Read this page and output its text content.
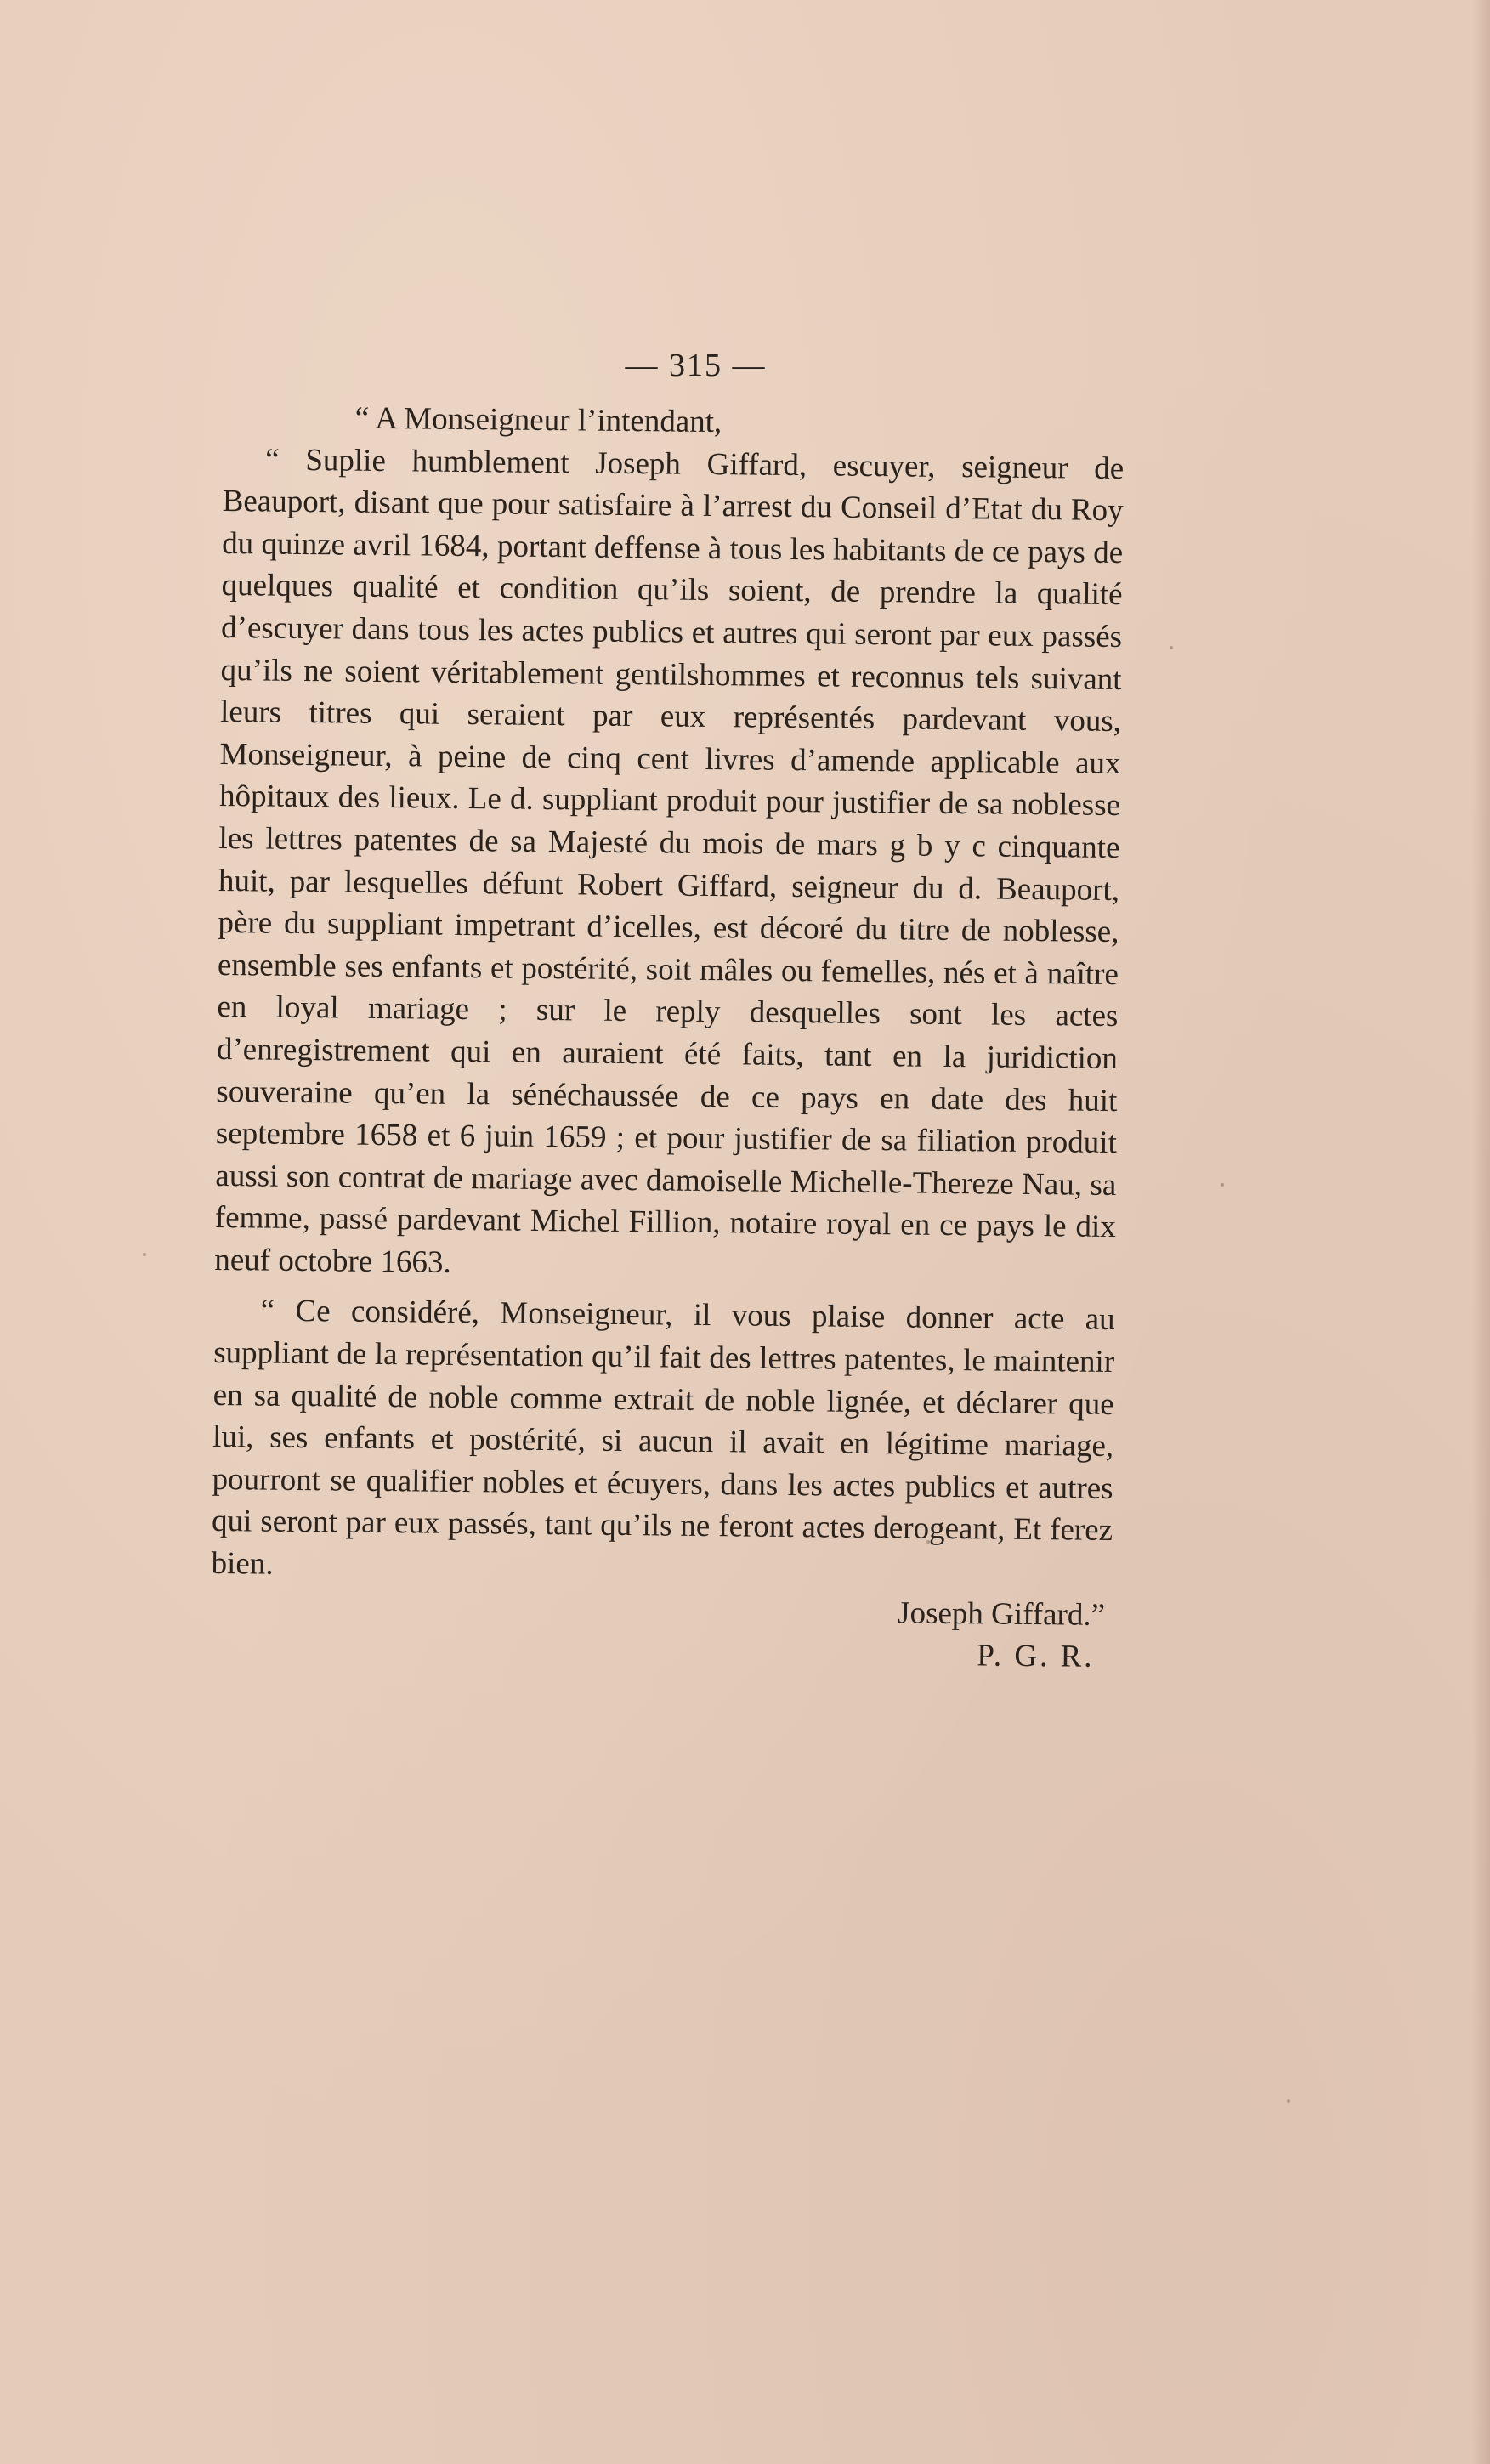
— 315 —

“ A Monseigneur l’intendant,

“ Suplie humblement Joseph Giffard, escuyer, seigneur de Beauport, disant que pour satisfaire à l’arrest du Conseil d’Etat du Roy du quinze avril 1684, portant deffense à tous les habitants de ce pays de quelques qualité et condition qu’ils soient, de prendre la qualité d’escuyer dans tous les actes publics et autres qui seront par eux passés qu’ils ne soient véritablement gentilshommes et reconnus tels suivant leurs titres qui seraient par eux représentés pardevant vous, Monseigneur, à peine de cinq cent livres d’amende applicable aux hôpitaux des lieux. Le d. suppliant produit pour justifier de sa noblesse les lettres patentes de sa Majesté du mois de mars g b y c cinquante huit, par lesquelles défunt Robert Giffard, seigneur du d. Beauport, père du suppliant impetrant d’icelles, est décoré du titre de noblesse, ensemble ses enfants et postérité, soit mâles ou femelles, nés et à naître en loyal mariage ; sur le reply desquelles sont les actes d’enregistrement qui en auraient été faits, tant en la juridiction souveraine qu’en la sénéchaussée de ce pays en date des huit septembre 1658 et 6 juin 1659 ; et pour justifier de sa filiation produit aussi son contrat de mariage avec damoiselle Michelle-Thereze Nau, sa femme, passé pardevant Michel Fillion, notaire royal en ce pays le dix neuf octobre 1663.

“ Ce considéré, Monseigneur, il vous plaise donner acte au suppliant de la représentation qu’il fait des lettres patentes, le maintenir en sa qualité de noble comme extrait de noble lignée, et déclarer que lui, ses enfants et postérité, si aucun il avait en légitime mariage, pourront se qualifier nobles et écuyers, dans les actes publics et autres qui seront par eux passés, tant qu’ils ne feront actes derogeant, Et ferez bien.

Joseph Giffard.”

P. G. R.
